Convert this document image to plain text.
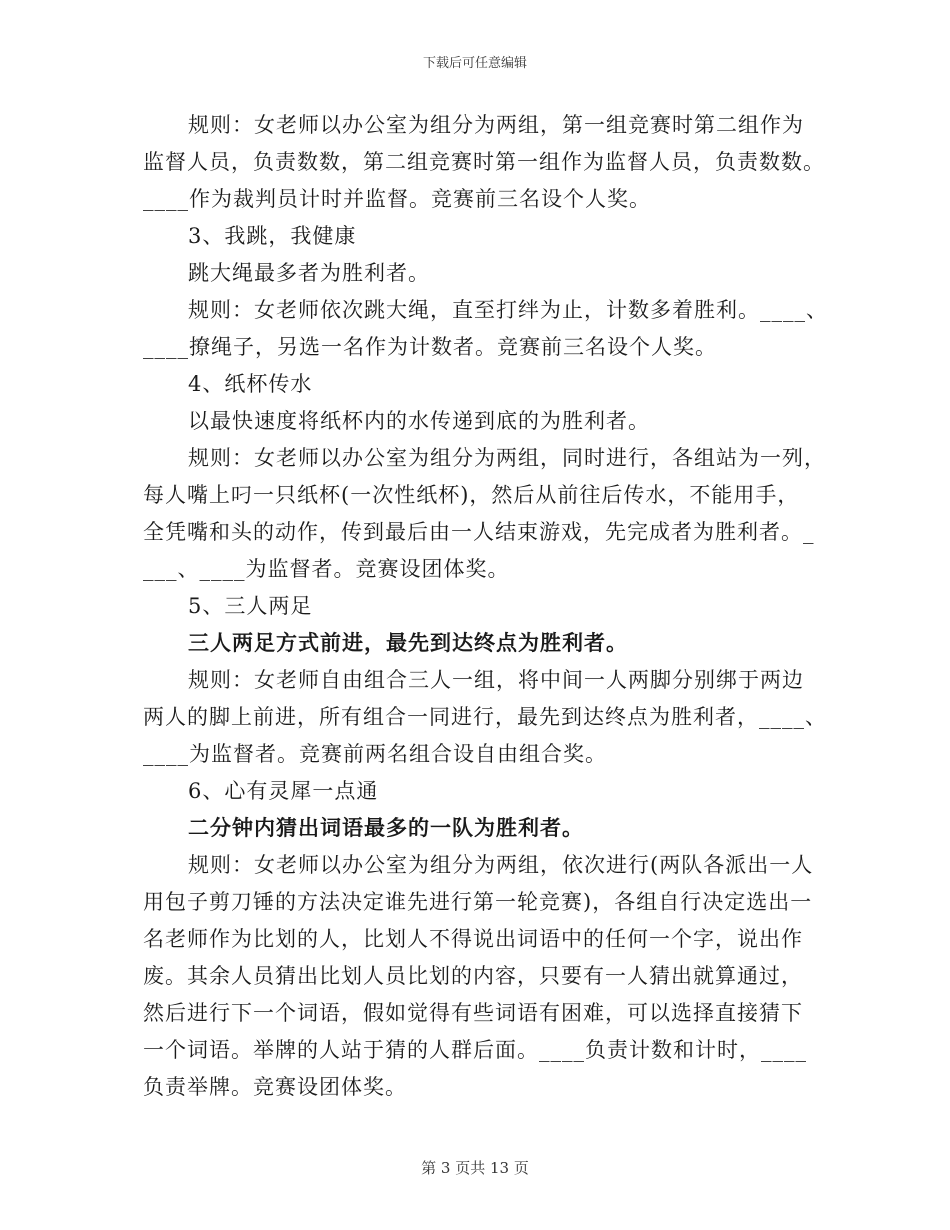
下载后可任意编辑
规则：女老师以办公室为组分为两组，第一组竞赛时第二组作为
监督人员，负责数数，第二组竞赛时第一组作为监督人员，负责数数。
____作为裁判员计时并监督。竞赛前三名设个人奖。
3、我跳，我健康
跳大绳最多者为胜利者。
规则：女老师依次跳大绳，直至打绊为止，计数多着胜利。____、
____撩绳子，另选一名作为计数者。竞赛前三名设个人奖。
4、纸杯传水
以最快速度将纸杯内的水传递到底的为胜利者。
规则：女老师以办公室为组分为两组，同时进行，各组站为一列，
每人嘴上叼一只纸杯(一次性纸杯)，然后从前往后传水，不能用手，
全凭嘴和头的动作，传到最后由一人结束游戏，先完成者为胜利者。_
___、____为监督者。竞赛设团体奖。
5、三人两足
三人两足方式前进，最先到达终点为胜利者。
规则：女老师自由组合三人一组，将中间一人两脚分别绑于两边
两人的脚上前进，所有组合一同进行，最先到达终点为胜利者，____、
____为监督者。竞赛前两名组合设自由组合奖。
6、心有灵犀一点通
二分钟内猜出词语最多的一队为胜利者。
规则：女老师以办公室为组分为两组，依次进行(两队各派出一人
用包子剪刀锤的方法决定谁先进行第一轮竞赛)，各组自行决定选出一
名老师作为比划的人，比划人不得说出词语中的任何一个字，说出作
废。其余人员猜出比划人员比划的内容，只要有一人猜出就算通过，
然后进行下一个词语，假如觉得有些词语有困难，可以选择直接猜下
一个词语。举牌的人站于猜的人群后面。____负责计数和计时，____
负责举牌。竞赛设团体奖。
第 3 页共 13 页
